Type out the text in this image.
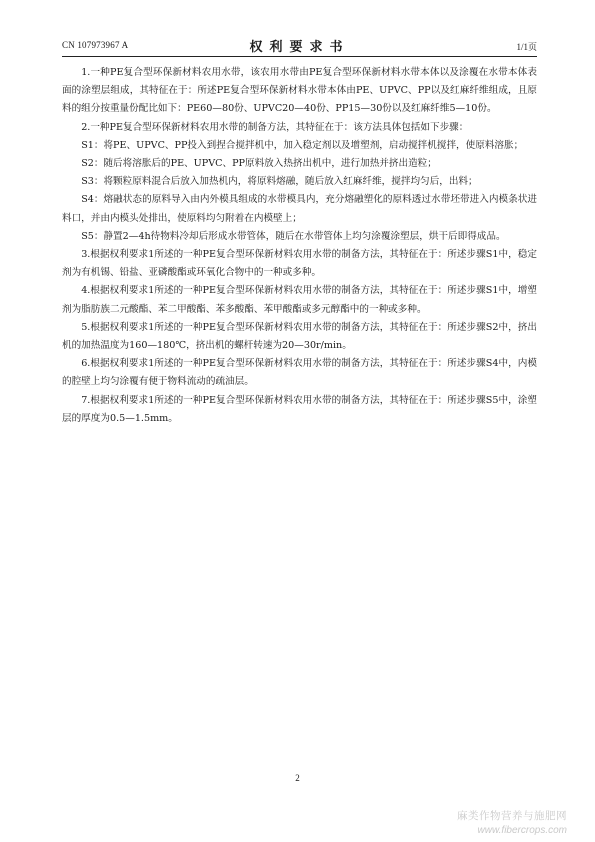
CN 107973967 A	权利要求书	1/1页

1.一种PE复合型环保新材料农用水带，该农用水带由PE复合型环保新材料水带本体以及涂覆在水带本体表面的涂塑层组成，其特征在于：所述PE复合型环保新材料水带本体由PE、UPVC、PP以及红麻纤维组成，且原料的组分按重量份配比如下：PE60—80份、UPVC20—40份、PP15—30份以及红麻纤维5—10份。

2.一种PE复合型环保新材料农用水带的制备方法，其特征在于：该方法具体包括如下步骤：

S1：将PE、UPVC、PP投入到捏合搅拌机中，加入稳定剂以及增塑剂，启动搅拌机搅拌，使原料溶胀；

S2：随后将溶胀后的PE、UPVC、PP原料放入热挤出机中，进行加热并挤出造粒；

S3：将颗粒原料混合后放入加热机内，将原料熔融，随后放入红麻纤维，搅拌均匀后，出料；

S4：熔融状态的原料导入由内外模具组成的水带模具内，充分熔融塑化的原料透过水带坯带进入内模条状进料口，并由内模头处排出，使原料均匀附着在内模壁上；

S5：静置2—4h待物料冷却后形成水带管体，随后在水带管体上均匀涂覆涂塑层，烘干后即得成品。

3.根据权利要求1所述的一种PE复合型环保新材料农用水带的制备方法，其特征在于：所述步骤S1中，稳定剂为有机锡、铅盐、亚磷酸酯或环氧化合物中的一种或多种。

4.根据权利要求1所述的一种PE复合型环保新材料农用水带的制备方法，其特征在于：所述步骤S1中，增塑剂为脂肪族二元酸酯、苯二甲酸酯、苯多酸酯、苯甲酸酯或多元醇酯中的一种或多种。

5.根据权利要求1所述的一种PE复合型环保新材料农用水带的制备方法，其特征在于：所述步骤S2中，挤出机的加热温度为160—180℃，挤出机的螺杆转速为20—30r/min。

6.根据权利要求1所述的一种PE复合型环保新材料农用水带的制备方法，其特征在于：所述步骤S4中，内模的腔壁上均匀涂覆有便于物料流动的疏油层。

7.根据权利要求1所述的一种PE复合型环保新材料农用水带的制备方法，其特征在于：所述步骤S5中，涂塑层的厚度为0.5—1.5mm。

2
麻类作物营养与施肥网
www.fibercrops.com
